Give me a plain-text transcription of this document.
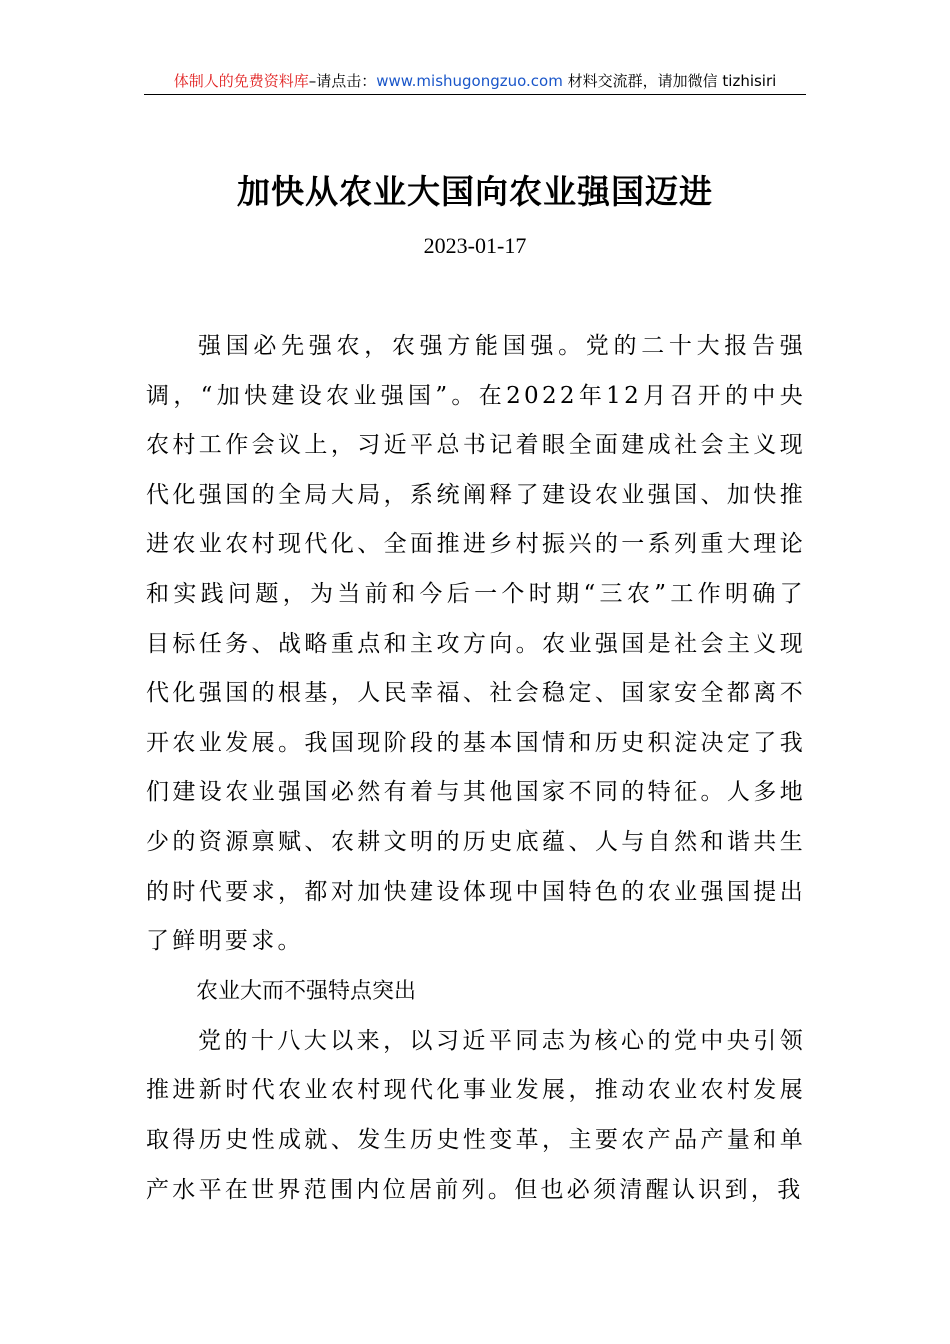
体制人的免费资料库–请点击：www.mishugongzuo.com 材料交流群，请加微信 tizhisiri
加快从农业大国向农业强国迈进
2023-01-17

强国必先强农，农强方能国强。党的二十大报告强调，“加快建设农业强国”。在2022年12月召开的中央农村工作会议上，习近平总书记着眼全面建成社会主义现代化强国的全局大局，系统阐释了建设农业强国、加快推进农业农村现代化、全面推进乡村振兴的一系列重大理论和实践问题，为当前和今后一个时期“三农”工作明确了目标任务、战略重点和主攻方向。农业强国是社会主义现代化强国的根基，人民幸福、社会稳定、国家安全都离不开农业发展。我国现阶段的基本国情和历史积淀决定了我们建设农业强国必然有着与其他国家不同的特征。人多地少的资源禀赋、农耕文明的历史底蕴、人与自然和谐共生的时代要求，都对加快建设体现中国特色的农业强国提出了鲜明要求。

农业大而不强特点突出

党的十八大以来，以习近平同志为核心的党中央引领推进新时代农业农村现代化事业发展，推动农业农村发展取得历史性成就、发生历史性变革，主要农产品产量和单产水平在世界范围内位居前列。但也必须清醒认识到，我
